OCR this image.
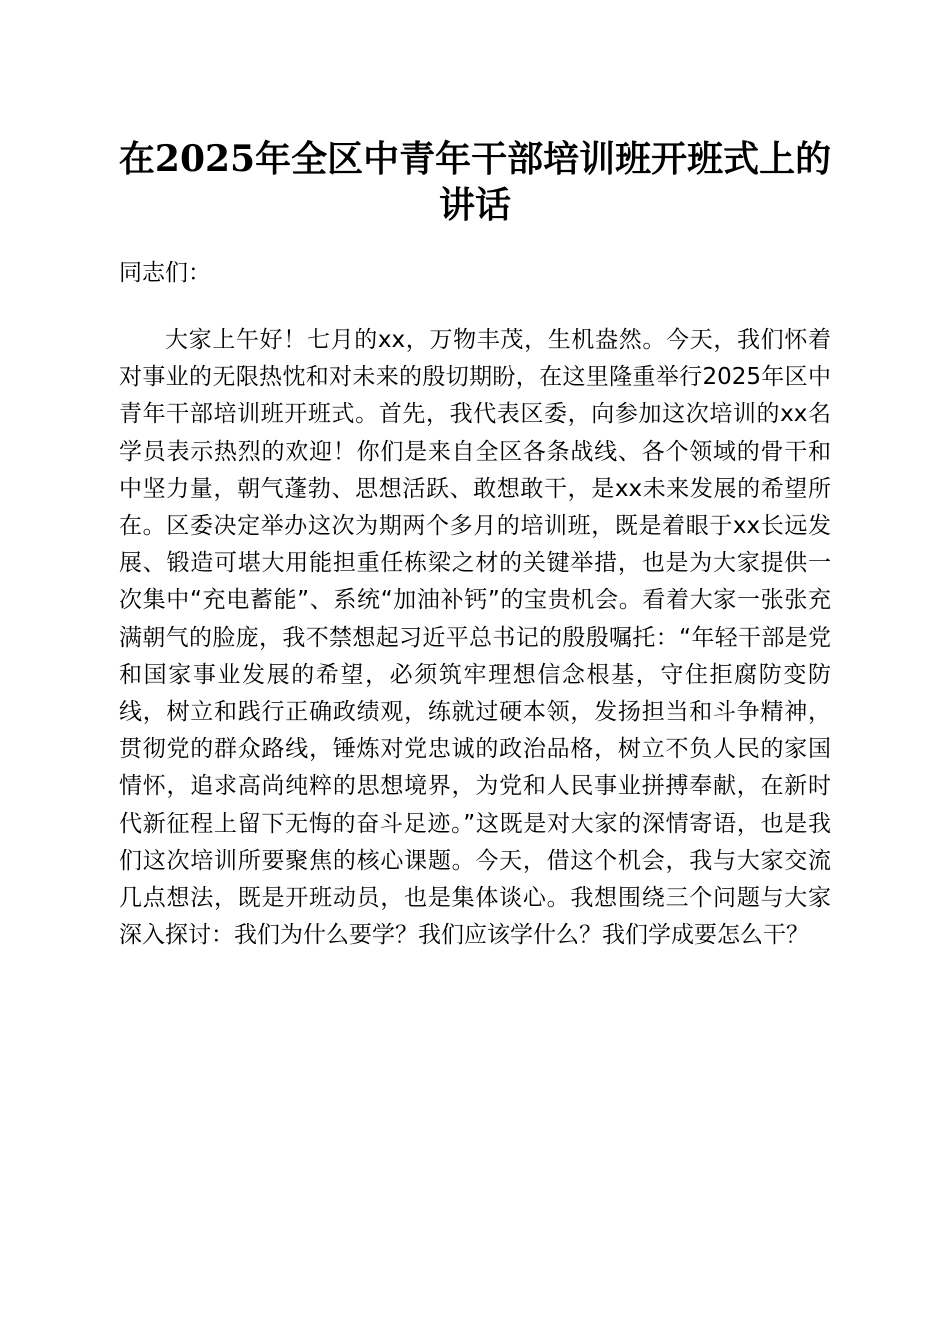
在2025年全区中青年干部培训班开班式上的讲话

同志们：

大家上午好！七月的xx，万物丰茂，生机盎然。今天，我们怀着对事业的无限热忱和对未来的殷切期盼，在这里隆重举行2025年区中青年干部培训班开班式。首先，我代表区委，向参加这次培训的xx名学员表示热烈的欢迎！你们是来自全区各条战线、各个领域的骨干和中坚力量，朝气蓬勃、思想活跃、敢想敢干，是xx未来发展的希望所在。区委决定举办这次为期两个多月的培训班，既是着眼于xx长远发展、锻造可堪大用能担重任栋梁之材的关键举措，也是为大家提供一次集中“充电蓄能”、系统“加油补钙”的宝贵机会。看着大家一张张充满朝气的脸庞，我不禁想起习近平总书记的殷殷嘱托：“年轻干部是党和国家事业发展的希望，必须筑牢理想信念根基，守住拒腐防变防线，树立和践行正确政绩观，练就过硬本领，发扬担当和斗争精神，贯彻党的群众路线，锤炼对党忠诚的政治品格，树立不负人民的家国情怀，追求高尚纯粹的思想境界，为党和人民事业拼搏奉献，在新时代新征程上留下无悔的奋斗足迹。”这既是对大家的深情寄语，也是我们这次培训所要聚焦的核心课题。今天，借这个机会，我与大家交流几点想法，既是开班动员，也是集体谈心。我想围绕三个问题与大家深入探讨：我们为什么要学？我们应该学什么？我们学成要怎么干？
